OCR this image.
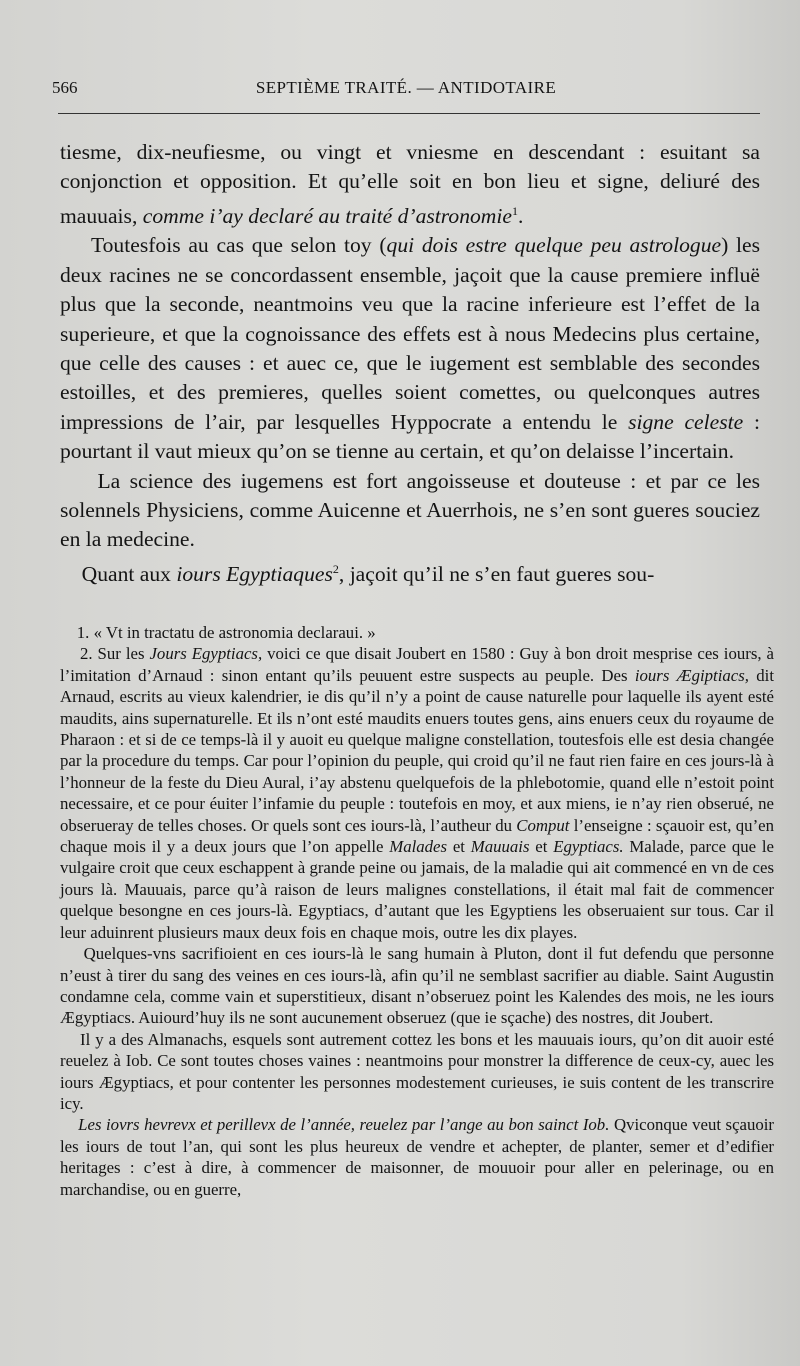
566	SEPTIÈME TRAITÉ. — ANTIDOTAIRE

tiesme, dix-neufiesme, ou vingt et vniesme en descendant : esuitant sa conjonction et opposition. Et qu’elle soit en bon lieu et signe, deliuré des mauuais, comme i’ay declaré au traité d’astronomie$^1$.

Toutesfois au cas que selon toy (qui dois estre quelque peu astrologue) les deux racines ne se concordassent ensemble, jaçoit que la cause premiere influë plus que la seconde, neantmoins veu que la racine inferieure est l’effet de la superieure, et que la cognoissance des effets est à nous Medecins plus certaine, que celle des causes : et auec ce, que le iugement est semblable des secondes estoilles, et des premieres, quelles soient comettes, ou quelconques autres impressions de l’air, par lesquelles Hyppocrate a entendu le signe celeste : pourtant il vaut mieux qu’on se tienne au certain, et qu’on delaisse l’incertain.

La science des iugemens est fort angoisseuse et douteuse : et par ce les solennels Physiciens, comme Auicenne et Auerrhois, ne s’en sont gueres souciez en la medecine.

Quant aux iours Egyptiaques$^2$, jaçoit qu’il ne s’en faut gueres sou-

1. « Vt in tractatu de astronomia declaraui. »

2. Sur les Jours Egyptiacs, voici ce que disait Joubert en 1580 : Guy à bon droit mesprise ces iours, à l’imitation d’Arnaud : sinon entant qu’ils peuuent estre suspects au peuple. Des iours Ægiptiacs, dit Arnaud, escrits au vieux kalendrier, ie dis qu’il n’y a point de cause naturelle pour laquelle ils ayent esté maudits, ains supernaturelle. Et ils n’ont esté maudits enuers toutes gens, ains enuers ceux du royaume de Pharaon : et si de ce temps-là il y auoit eu quelque maligne constellation, toutesfois elle est desia changée par la procedure du temps. Car pour l’opinion du peuple, qui croid qu’il ne faut rien faire en ces jours-là à l’honneur de la feste du Dieu Aural, i’ay abstenu quelquefois de la phlebotomie, quand elle n’estoit point necessaire, et ce pour éuiter l’infamie du peuple : toutefois en moy, et aux miens, ie n’ay rien obserué, ne obserueray de telles choses. Or quels sont ces iours-là, l’autheur du Comput l’enseigne : sçauoir est, qu’en chaque mois il y a deux jours que l’on appelle Malades et Mauuais et Egyptiacs. Malade, parce que le vulgaire croit que ceux eschappent à grande peine ou jamais, de la maladie qui ait commencé en vn de ces jours là. Mauuais, parce qu’à raison de leurs malignes constellations, il était mal fait de commencer quelque besongne en ces jours-là. Egyptiacs, d’autant que les Egyptiens les obseruaient sur tous. Car il leur aduinrent plusieurs maux deux fois en chaque mois, outre les dix playes.

Quelques-vns sacrifioient en ces iours-là le sang humain à Pluton, dont il fut defendu que personne n’eust à tirer du sang des veines en ces iours-là, afin qu’il ne semblast sacrifier au diable. Saint Augustin condamne cela, comme vain et superstitieux, disant n’obseruez point les Kalendes des mois, ne les iours Ægyptiacs. Auiourd’huy ils ne sont aucunement obseruez (que ie sçache) des nostres, dit Joubert.

Il y a des Almanachs, esquels sont autrement cottez les bons et les mauuais iours, qu’on dit auoir esté reuelez à Iob. Ce sont toutes choses vaines : neantmoins pour monstrer la difference de ceux-cy, auec les iours Ægyptiacs, et pour contenter les personnes modestement curieuses, ie suis content de les transcrire icy.

Les iovrs hevrevx et perillevx de l’année, reuelez par l’ange au bon sainct Iob. Qviconque veut sçauoir les iours de tout l’an, qui sont les plus heureux de vendre et achepter, de planter, semer et d’edifier heritages : c’est à dire, à commencer de maisonner, de mouuoir pour aller en pelerinage, ou en marchandise, ou en guerre,
